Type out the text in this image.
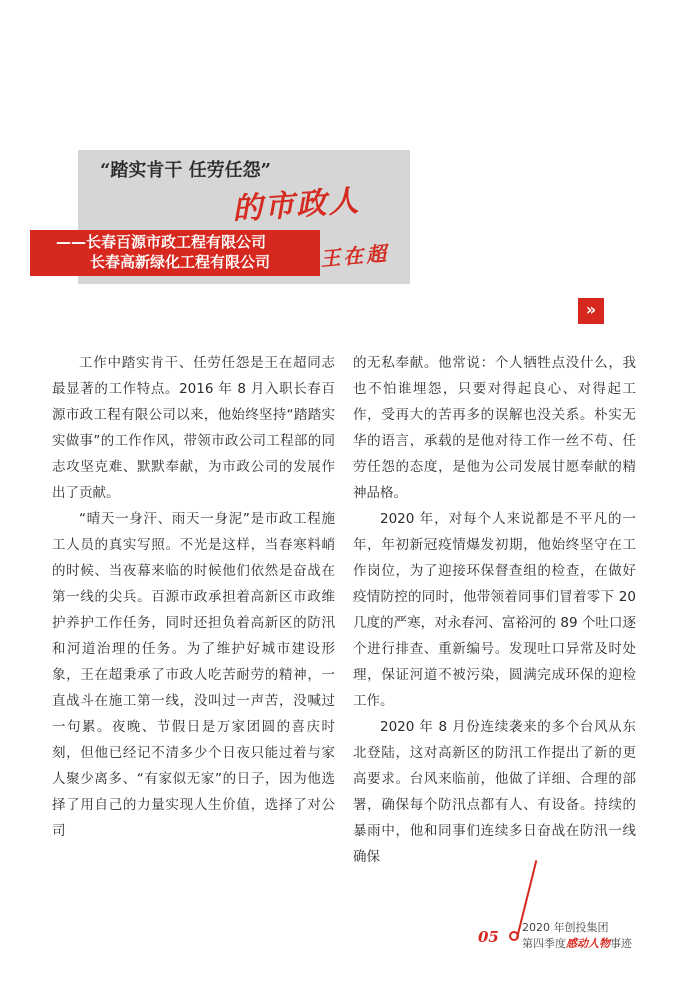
“踏实肯干 任劳任怨”
的市政人
——长春百源市政工程有限公司
长春高新绿化工程有限公司 王在超
»

工作中踏实肯干、任劳任怨是王在超同志最显著的工作特点。2016 年 8 月入职长春百源市政工程有限公司以来，他始终坚持“踏踏实实做事”的工作作风，带领市政公司工程部的同志攻坚克难、默默奉献，为市政公司的发展作出了贡献。

“晴天一身汗、雨天一身泥”是市政工程施工人员的真实写照。不光是这样，当春寒料峭的时候、当夜幕来临的时候他们依然是奋战在第一线的尖兵。百源市政承担着高新区市政维护养护工作任务，同时还担负着高新区的防汛和河道治理的任务。为了维护好城市建设形象，王在超秉承了市政人吃苦耐劳的精神，一直战斗在施工第一线，没叫过一声苦，没喊过一句累。夜晚、节假日是万家团圆的喜庆时刻，但他已经记不清多少个日夜只能过着与家人聚少离多、“有家似无家”的日子，因为他选择了用自己的力量实现人生价值，选择了对公司

的无私奉献。他常说：个人牺牲点没什么，我也不怕谁埋怨，只要对得起良心、对得起工作，受再大的苦再多的误解也没关系。朴实无华的语言，承载的是他对待工作一丝不苟、任劳任怨的态度，是他为公司发展甘愿奉献的精神品格。

2020 年，对每个人来说都是不平凡的一年，年初新冠疫情爆发初期，他始终坚守在工作岗位，为了迎接环保督查组的检查，在做好疫情防控的同时，他带领着同事们冒着零下 20 几度的严寒，对永春河、富裕河的 89 个吐口逐个进行排查、重新编号。发现吐口异常及时处理，保证河道不被污染，圆满完成环保的迎检工作。

2020 年 8 月份连续袭来的多个台风从东北登陆，这对高新区的防汛工作提出了新的更高要求。台风来临前，他做了详细、合理的部署，确保每个防汛点都有人、有设备。持续的暴雨中，他和同事们连续多日奋战在防汛一线确保

05
2020 年创投集团
第四季度感动人物事迹
